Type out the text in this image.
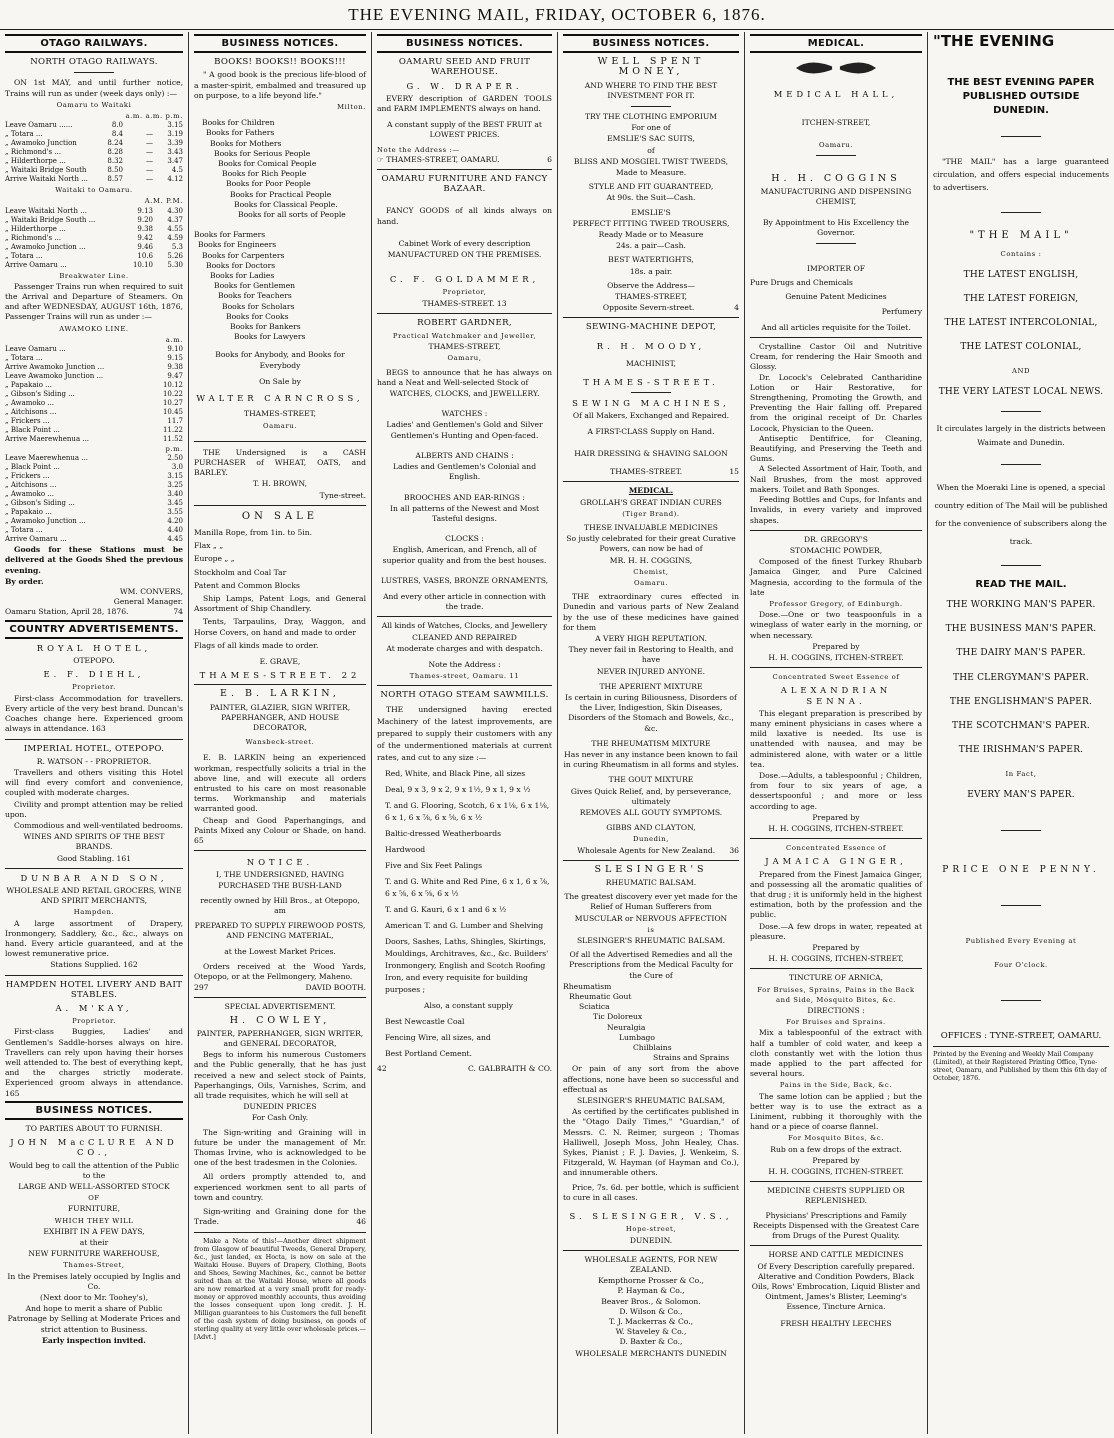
THE EVENING MAIL, FRIDAY, OCTOBER 6, 1876.
OTAGO RAILWAYS.
NORTH OTAGO RAILWAYS.
ON 1st MAY, and until further notice, Trains will run as under (week days only) :—
Oamaru to Waitaki
a.m. a.m. p.m.
Leave Oamaru ......	8.0		3.15
„ Totara ...	8.4	—	3.19
„ Awamoko Junction	8.24	—	3.39
„ Richmond's ...	8.28	—	3.43
„ Hilderthorpe ...	8.32	—	3.47
„ Waitaki Bridge South	8.50	—	4.5
Arrive Waitaki North ...	8.57	—	4.12
Waitaki to Oamaru.
A.M. P.M.
Leave Waitaki North ...	9.13	4.30
„ Waitaki Bridge South ...	9.20	4.37
„ Hilderthorpe ...	9.38	4.55
„ Richmond's ...	9.42	4.59
„ Awamoko Junction ...	9.46	5.3
„ Totara ...	10.6	5.26
Arrive Oamaru ...	10.10	5.30
Breakwater Line.
Passenger Trains run when required to suit the Arrival and Departure of Steamers. On and after WEDNESDAY, AUGUST 16th, 1876, Passenger Trains will run as under :—
AWAMOKO LINE.
a.m.
Leave Oamaru ...	9.10
„ Totara ...	9.15
Arrive Awamoko Junction ...	9.38
Leave Awamoko Junction ...	9.47
„ Papakaio ...	10.12
„ Gibson's Siding ...	10.22
„ Awamoko ...	10.27
„ Aitchisons ...	10.45
„ Frickers ...	11.7
„ Black Point ...	11.22
Arrive Maerewhenua ...	11.52
p.m.
Leave Maerewhenua ...	2.50
„ Black Point ...	3.0
„ Frickers ...	3.15
„ Aitchisons ...	3.25
„ Awamoko ...	3.40
„ Gibson's Siding ...	3.45
„ Papakaio ...	3.55
„ Awamoko Junction ...	4.20
„ Totara ...	4.40
Arrive Oamaru ...	4.45
Goods for these Stations must be delivered at the Goods Shed the previous evening.
By order.
WM. CONVERS,
General Manager.
Oamaru Station, April 28, 1876.	74
COUNTRY ADVERTISEMENTS.
ROYAL HOTEL,
OTEPOPO.
E. F. DIEHL,
Proprietor.
First-class Accommodation for travellers. Every article of the very best brand. Duncan's Coaches change here. Experienced groom always in attendance. 163
IMPERIAL HOTEL, OTEPOPO.
R. WATSON - - PROPRIETOR.
Travellers and others visiting this Hotel will find every comfort and convenience, coupled with moderate charges.
Civility and prompt attention may be relied upon.
Commodious and well-ventilated bedrooms.
WINES AND SPIRITS OF THE BEST BRANDS.
Good Stabling. 161
DUNBAR AND SON,
WHOLESALE AND RETAIL GROCERS, WINE AND SPIRIT MERCHANTS,
Hampden.
A large assortment of Drapery, Ironmongery, Saddlery, &c., &c., always on hand. Every article guaranteed, and at the lowest remunerative price.
Stations Supplied. 162
HAMPDEN HOTEL LIVERY AND BAIT STABLES.
A. M'KAY,
Proprietor.
First-class Buggies, Ladies' and Gentlemen's Saddle-horses always on hire. Travellers can rely upon having their horses well attended to. The best of everything kept, and the charges strictly moderate. Experienced groom always in attendance. 165
BUSINESS NOTICES.
TO PARTIES ABOUT TO FURNISH.
JOHN MacCLURE AND CO.,
Would beg to call the attention of the Public to the
LARGE AND WELL-ASSORTED STOCK
OF
FURNITURE,
WHICH THEY WILL
EXHIBIT IN A FEW DAYS,
at their
NEW FURNITURE WAREHOUSE,
Thames-Street,
In the Premises lately occupied by Inglis and Co.
(Next door to Mr. Toohey's),
And hope to merit a share of Public Patronage by Selling at Moderate Prices and strict attention to Business.
Early inspection invited.
BUSINESS NOTICES.
BOOKS! BOOKS!! BOOKS!!!
" A good book is the precious life-blood of a master-spirit, embalmed and treasured up on purpose, to a life beyond life."
Milton.
Books for Children
Books for Fathers
Books for Mothers
Books for Serious People
Books for Comical People
Books for Rich People
Books for Poor People
Books for Practical People
Books for Classical People.
Books for all sorts of People
Books for Farmers
Books for Engineers
Books for Carpenters
Books for Doctors
Books for Ladies
Books for Gentlemen
Books for Teachers
Books for Scholars
Books for Cooks
Books for Bankers
Books for Lawyers
Books for Anybody, and Books for Everybody
On Sale by
WALTER CARNCROSS,
THAMES-STREET,
Oamaru.
THE Undersigned is a CASH PURCHASER of WHEAT, OATS, and BARLEY.
T. H. BROWN,
Tyne-street.
ON SALE
Manilla Rope, from 1in. to 5in.
Flax „ „
Europe „ „
Stockholm and Coal Tar
Patent and Common Blocks
Ship Lamps, Patent Logs, and General Assortment of Ship Chandlery.
Tents, Tarpaulins, Dray, Waggon, and Horse Covers, on hand and made to order
Flags of all kinds made to order.
E. GRAVE,
THAMES-STREET. 22
E. B. LARKIN,
PAINTER, GLAZIER, SIGN WRITER, PAPERHANGER, AND HOUSE DECORATOR,
Wansbeck-street.
E. B. LARKIN being an experienced workman, respectfully solicits a trial in the above line, and will execute all orders entrusted to his care on most reasonable terms. Workmanship and materials warranted good.
Cheap and Good Paperhangings, and Paints Mixed any Colour or Shade, on hand. 65
NOTICE.
I, THE UNDERSIGNED, HAVING PURCHASED THE BUSH-LAND
recently owned by Hill Bros., at Otepopo, am
PREPARED TO SUPPLY FIREWOOD POSTS, AND FENCING MATERIAL,
at the Lowest Market Prices.
Orders received at the Wood Yards, Otepopo, or at the Fellmongery, Maheno.
297	DAVID BOOTH.
SPECIAL ADVERTISEMENT.
H. COWLEY,
PAINTER, PAPERHANGER, SIGN WRITER, and GENERAL DECORATOR,
Begs to inform his numerous Customers and the Public generally, that he has just received a new and select stock of Paints, Paperhangings, Oils, Varnishes, Scrim, and all trade requisites, which he will sell at
DUNEDIN PRICES
For Cash Only.
The Sign-writing and Graining will in future be under the management of Mr. Thomas Irvine, who is acknowledged to be one of the best tradesmen in the Colonies.
All orders promptly attended to, and experienced workmen sent to all parts of town and country.
Sign-writing and Graining done for the Trade.	46
Make a Note of this!—Another direct shipment from Glasgow of beautiful Tweeds, General Drapery, &c., just landed, ex Hocta, is now on sale at the Waitaki House. Buyers of Drapery, Clothing, Boots and Shoes, Sewing Machines, &c., cannot be better suited than at the Waitaki House, where all goods are now remarked at a very small profit for ready-money or approved monthly accounts, thus avoiding the losses consequent upon long credit. J. H. Milligan guarantees to his Customers the full benefit of the cash system of doing business, on goods of sterling quality at very little over wholesale prices.—[Advt.]
BUSINESS NOTICES.
OAMARU SEED AND FRUIT WAREHOUSE.
G. W. DRAPER.
EVERY description of GARDEN TOOLS and FARM IMPLEMENTS always on hand.
A constant supply of the BEST FRUIT at LOWEST PRICES.
Note the Address :—
☞ THAMES-STREET, OAMARU.	6
OAMARU FURNITURE AND FANCY BAZAAR.
FANCY GOODS of all kinds always on hand.
Cabinet Work of every description
MANUFACTURED ON THE PREMISES.
C. F. GOLDAMMER,
Proprietor,
THAMES-STREET. 13
ROBERT GARDNER,
Practical Watchmaker and Jeweller,
THAMES-STREET,
Oamaru,
BEGS to announce that he has always on hand a Neat and Well-selected Stock of
WATCHES, CLOCKS, and JEWELLERY.
WATCHES :
Ladies' and Gentlemen's Gold and Silver Gentlemen's Hunting and Open-faced.
ALBERTS AND CHAINS :
Ladies and Gentlemen's Colonial and English.
BROOCHES AND EAR-RINGS :
In all patterns of the Newest and Most Tasteful designs.
CLOCKS :
English, American, and French, all of superior quality and from the best houses.
LUSTRES, VASES, BRONZE ORNAMENTS,
And every other article in connection with the trade.
All kinds of Watches, Clocks, and Jewellery
CLEANED AND REPAIRED
At moderate charges and with despatch.
Note the Address :
Thames-street, Oamaru. 11
NORTH OTAGO STEAM SAWMILLS.
THE undersigned having erected Machinery of the latest improvements, are prepared to supply their customers with any of the undermentioned materials at current rates, and cut to any size :—
Red, White, and Black Pine, all sizes
Deal, 9 x 3, 9 x 2, 9 x 1½, 9 x 1, 9 x ½
T. and G. Flooring, Scotch, 6 x 1⅛, 6 x 1⅛, 6 x 1, 6 x ⅞, 6 x ⅝, 6 x ½
Baltic-dressed Weatherboards
Hardwood
Five and Six Feet Palings
T. and G. White and Red Pine, 6 x 1, 6 x ⅞, 6 x ⅝, 6 x ⅝, 6 x ½
T. and G. Kauri, 6 x 1 and 6 x ½
American T. and G. Lumber and Shelving
Doors, Sashes, Laths, Shingles, Skirtings, Mouldings, Architraves, &c., &c. Builders' Ironmongery, English and Scotch Roofing Iron, and every requisite for building purposes ;
Also, a constant supply
Best Newcastle Coal
Fencing Wire, all sizes, and
Best Portland Cement.
42	C. GALBRAITH & CO.
BUSINESS NOTICES.
WELL SPENT MONEY,
AND WHERE TO FIND THE BEST INVESTMENT FOR IT.
TRY THE CLOTHING EMPORIUM
For one of
EMSLIE'S SAC SUITS,
of
BLISS AND MOSGIEL TWIST TWEEDS,
Made to Measure.
STYLE AND FIT GUARANTEED,
At 90s. the Suit—Cash.
EMSLIE'S
PERFECT FITTING TWEED TROUSERS,
Ready Made or to Measure
24s. a pair—Cash.
BEST WATERTIGHTS,
18s. a pair.
Observe the Address—
THAMES-STREET,
Opposite Severn-street.	4
SEWING-MACHINE DEPOT,
R. H. MOODY,
MACHINIST,
THAMES-STREET.
SEWING MACHINES,
Of all Makers, Exchanged and Repaired.
A FIRST-CLASS Supply on Hand.
HAIR DRESSING & SHAVING SALOON
THAMES-STREET.	15
MEDICAL.
GROLLAH'S GREAT INDIAN CURES
(Tiger Brand).
THESE INVALUABLE MEDICINES
So justly celebrated for their great Curative Powers, can now be had of
MR. H. H. COGGINS,
Chemist,
Oamaru.
THE extraordinary cures effected in Dunedin and various parts of New Zealand by the use of these medicines have gained for them
A VERY HIGH REPUTATION.
They never fail in Restoring to Health, and have
NEVER INJURED ANYONE.
THE APERIENT MIXTURE
Is certain in curing Biliousness, Disorders of the Liver, Indigestion, Skin Diseases, Disorders of the Stomach and Bowels, &c., &c.
THE RHEUMATISM MIXTURE
Has never in any instance been known to fail in curing Rheumatism in all forms and styles.
THE GOUT MIXTURE
Gives Quick Relief, and, by perseverance, ultimately
REMOVES ALL GOUTY SYMPTOMS.
GIBBS AND CLAYTON,
Dunedin,
Wholesale Agents for New Zealand. 36
SLESINGER'S
RHEUMATIC BALSAM.
The greatest discovery ever yet made for the Relief of Human Sufferers from
MUSCULAR or NERVOUS AFFECTION
is
SLESINGER'S RHEUMATIC BALSAM.
Of all the Advertised Remedies and all the Prescriptions from the Medical Faculty for the Cure of
Rheumatism
Rheumatic Gout
Sciatica
Tic Doloreux
Neuralgia
Lumbago
Chilblains
Strains and Sprains
Or pain of any sort from the above affections, none have been so successful and effectual as
SLESINGER'S RHEUMATIC BALSAM,
As certified by the certificates published in the "Otago Daily Times," "Guardian," of Messrs. C. N. Reimer, surgeon ; Thomas Halliwell, Joseph Moss, John Healey, Chas. Sykes, Pianist ; F. J. Davies, J. Wenkeim, S. Fitzgerald, W. Hayman (of Hayman and Co.), and innumerable others.
Price, 7s. 6d. per bottle, which is sufficient to cure in all cases.
S. SLESINGER, V.S.,
Hope-street,
DUNEDIN.
WHOLESALE AGENTS, FOR NEW ZEALAND.
Kempthorne Prosser & Co.,
P. Hayman & Co.,
Beaver Bros., & Solomon.
D. Wilson & Co.,
T. J. Mackerras & Co.,
W. Staveley & Co.,
D. Baxter & Co.,
WHOLESALE MERCHANTS DUNEDIN
MEDICAL.
MEDICAL HALL,
ITCHEN-STREET,
Oamaru.
H. H. COGGINS
MANUFACTURING AND DISPENSING CHEMIST,
By Appointment to His Excellency the Governor.
IMPORTER OF
Pure Drugs and Chemicals
Genuine Patent Medicines
Perfumery
And all articles requisite for the Toilet.
Crystalline Castor Oil and Nutritive Cream, for rendering the Hair Smooth and Glossy.
Dr. Locock's Celebrated Cantharidine Lotion or Hair Restorative, for Strengthening, Promoting the Growth, and Preventing the Hair falling off. Prepared from the original receipt of Dr. Charles Locock, Physician to the Queen.
Antiseptic Dentifrice, for Cleaning, Beautifying, and Preserving the Teeth and Gums.
A Selected Assortment of Hair, Tooth, and Nail Brushes, from the most approved makers. Toilet and Bath Sponges.
Feeding Bottles and Cups, for Infants and Invalids, in every variety and improved shapes.
DR. GREGORY'S
STOMACHIC POWDER,
Composed of the finest Turkey Rhubarb Jamaica Ginger, and Pure Calcined Magnesia, according to the formula of the late
Professor Gregory, of Edinburgh.
Dose.—One or two teaspoonfuls in a wineglass of water early in the morning, or when necessary.
Prepared by
H. H. COGGINS, ITCHEN-STREET.
Concentrated Sweet Essence of
ALEXANDRIAN SENNA.
This elegant preparation is prescribed by many eminent physicians in cases where a mild laxative is needed. Its use is unattended with nausea, and may be administered alone, with water or a little tea.
Dose.—Adults, a tablespoonful ; Children, from four to six years of age, a dessertspoonful ; and more or less according to age.
Prepared by
H. H. COGGINS, ITCHEN-STREET.
Concentrated Essence of
JAMAICA GINGER,
Prepared from the Finest Jamaica Ginger, and possessing all the aromatic qualities of that drug ; it is uniformly held in the highest estimation, both by the profession and the public.
Dose.—A few drops in water, repeated at pleasure.
Prepared by
H. H. COGGINS, ITCHEN-STREET,
TINCTURE OF ARNICA,
For Bruises, Sprains, Pains in the Back and Side, Mosquito Bites, &c.
DIRECTIONS :
For Bruises and Sprains.
Mix a tablespoonful of the extract with half a tumbler of cold water, and keep a cloth constantly wet with the lotion thus made applied to the part affected for several hours.
Pains in the Side, Back, &c.
The same lotion can be applied ; but the better way is to use the extract as a Liniment, rubbing it thoroughly with the hand or a piece of coarse flannel.
For Mosquito Bites, &c.
Rub on a few drops of the extract.
Prepared by
H. H. COGGINS, ITCHEN-STREET.
MEDICINE CHESTS SUPPLIED OR REPLENISHED.
Physicians' Prescriptions and Family Receipts Dispensed with the Greatest Care from Drugs of the Purest Quality.
HORSE AND CATTLE MEDICINES
Of Every Description carefully prepared. Alterative and Condition Powders, Black Oils, Rows' Embrocation, Liquid Blister and Ointment, James's Blister, Leeming's Essence, Tincture Arnica.
FRESH HEALTHY LEECHES
"THE EVENING
THE BEST EVENING PAPER PUBLISHED OUTSIDE DUNEDIN.
"THE MAIL" has a large guaranteed circulation, and offers especial inducements to advertisers.
"THE MAIL"
Contains :
THE LATEST ENGLISH,
THE LATEST FOREIGN,
THE LATEST INTERCOLONIAL,
THE LATEST COLONIAL,
AND
THE VERY LATEST LOCAL NEWS.
It circulates largely in the districts between Waimate and Dunedin.
When the Moeraki Line is opened, a special country edition of The Mail will be published for the convenience of subscribers along the track.
READ THE MAIL.
THE WORKING MAN'S PAPER.
THE BUSINESS MAN'S PAPER.
THE DAIRY MAN'S PAPER.
THE CLERGYMAN'S PAPER.
THE ENGLISHMAN'S PAPER.
THE SCOTCHMAN'S PAPER.
THE IRISHMAN'S PAPER.
In Fact,
EVERY MAN'S PAPER.
PRICE ONE PENNY.
Published Every Evening at
Four O'clock.
OFFICES : TYNE-STREET, OAMARU.
Printed by the Evening and Weekly Mail Company (Limited), at their Registered Printing Office, Tyne-street, Oamaru, and Published by them this 6th day of October, 1876.
